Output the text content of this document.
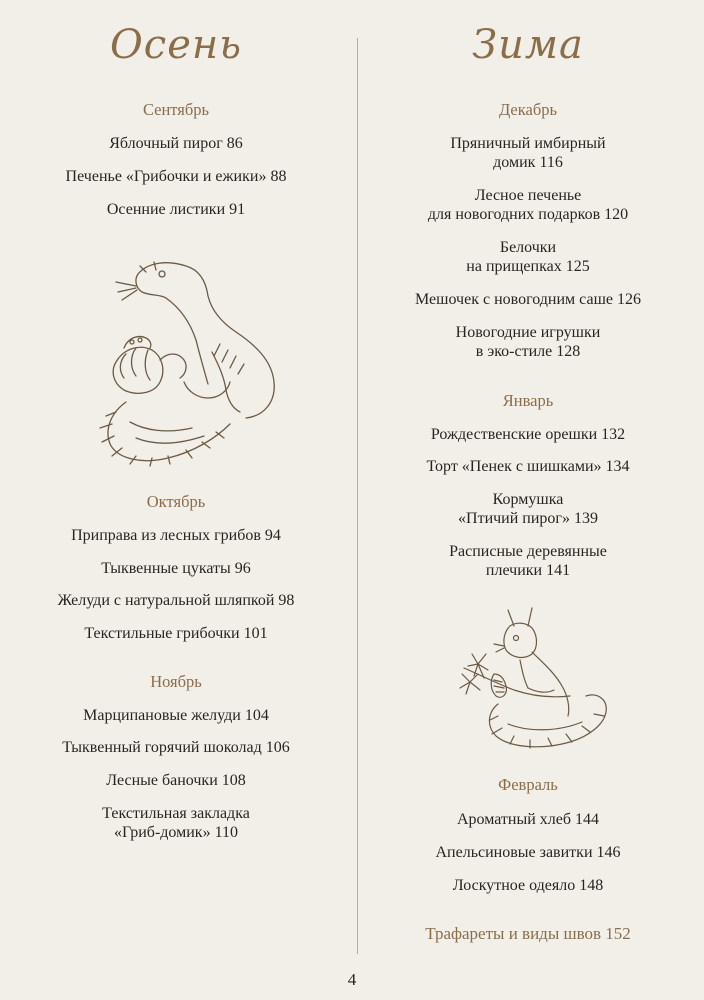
Осень
Сентябрь
Яблочный пирог 86
Печенье «Грибочки и ежики» 88
Осенние листики 91
Октябрь
Приправа из лесных грибов 94
Тыквенные цукаты 96
Желуди с натуральной шляпкой 98
Текстильные грибочки 101
Ноябрь
Марципановые желуди 104
Тыквенный горячий шоколад 106
Лесные баночки 108
Текстильная закладка
«Гриб-домик» 110
Зима
Декабрь
Пряничный имбирный
домик 116
Лесное печенье
для новогодних подарков 120
Белочки
на прищепках 125
Мешочек с новогодним саше 126
Новогодние игрушки
в эко-стиле 128
Январь
Рождественские орешки 132
Торт «Пенек с шишками» 134
Кормушка
«Птичий пирог» 139
Расписные деревянные
плечики 141
Февраль
Ароматный хлеб 144
Апельсиновые завитки 146
Лоскутное одеяло 148
Трафареты и виды швов 152
4
